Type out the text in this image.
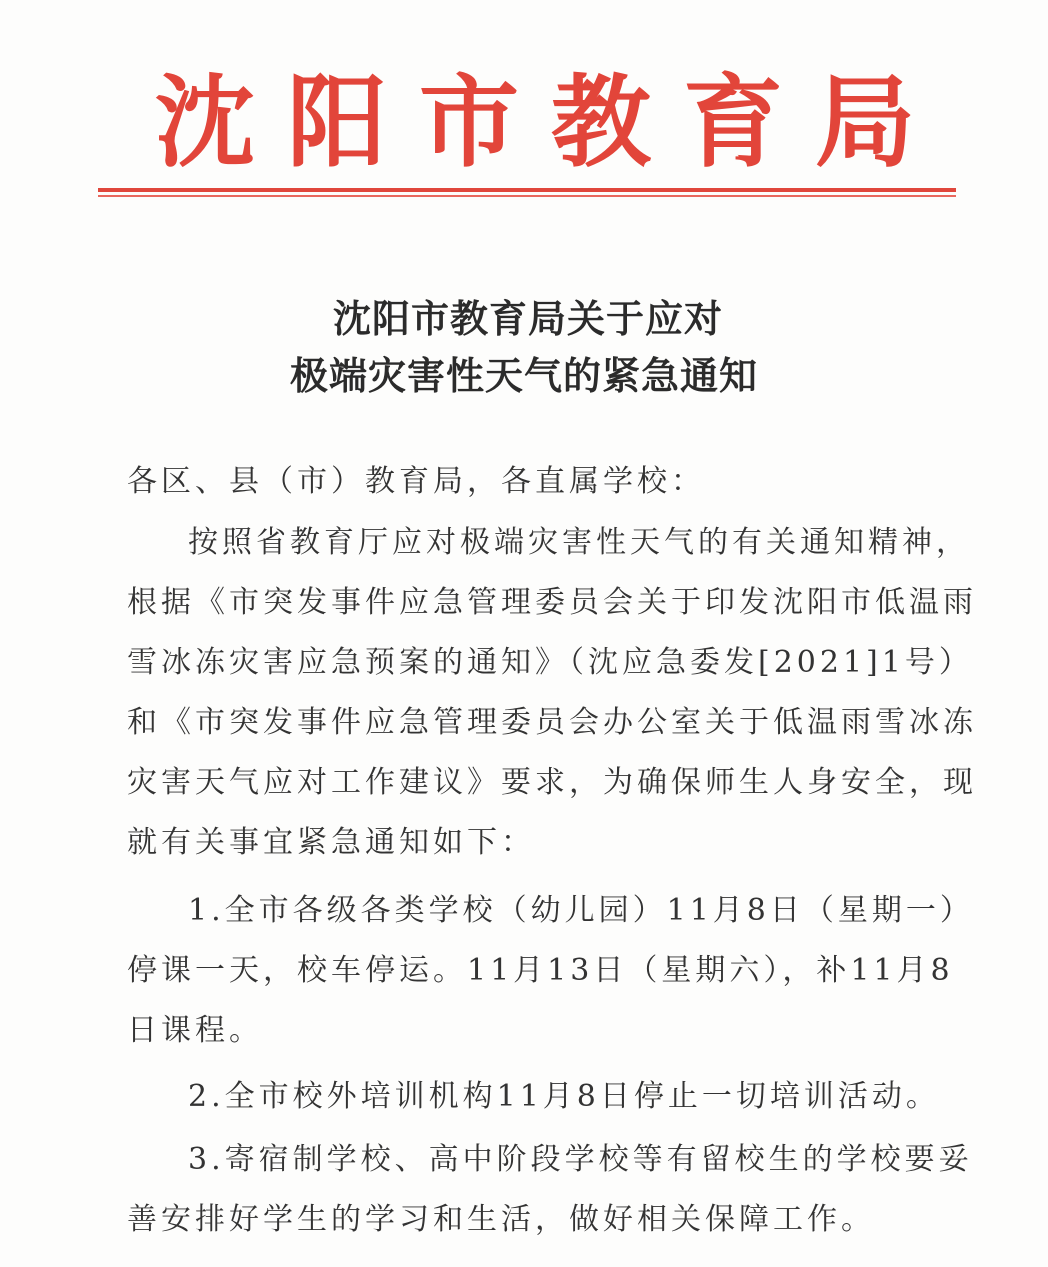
沈 阳 市 教 育 局
沈阳市教育局关于应对
极端灾害性天气的紧急通知
各区、县（市）教育局，各直属学校：
按照省教育厅应对极端灾害性天气的有关通知精神，
根据《市突发事件应急管理委员会关于印发沈阳市低温雨
雪冰冻灾害应急预案的通知》（沈应急委发[2021]1号）
和《市突发事件应急管理委员会办公室关于低温雨雪冰冻
灾害天气应对工作建议》要求，为确保师生人身安全，现
就有关事宜紧急通知如下：
1.全市各级各类学校（幼儿园）11月8日（星期一）
停课一天，校车停运。11月13日（星期六），补11月8
日课程。
2.全市校外培训机构11月8日停止一切培训活动。
3.寄宿制学校、高中阶段学校等有留校生的学校要妥
善安排好学生的学习和生活，做好相关保障工作。
